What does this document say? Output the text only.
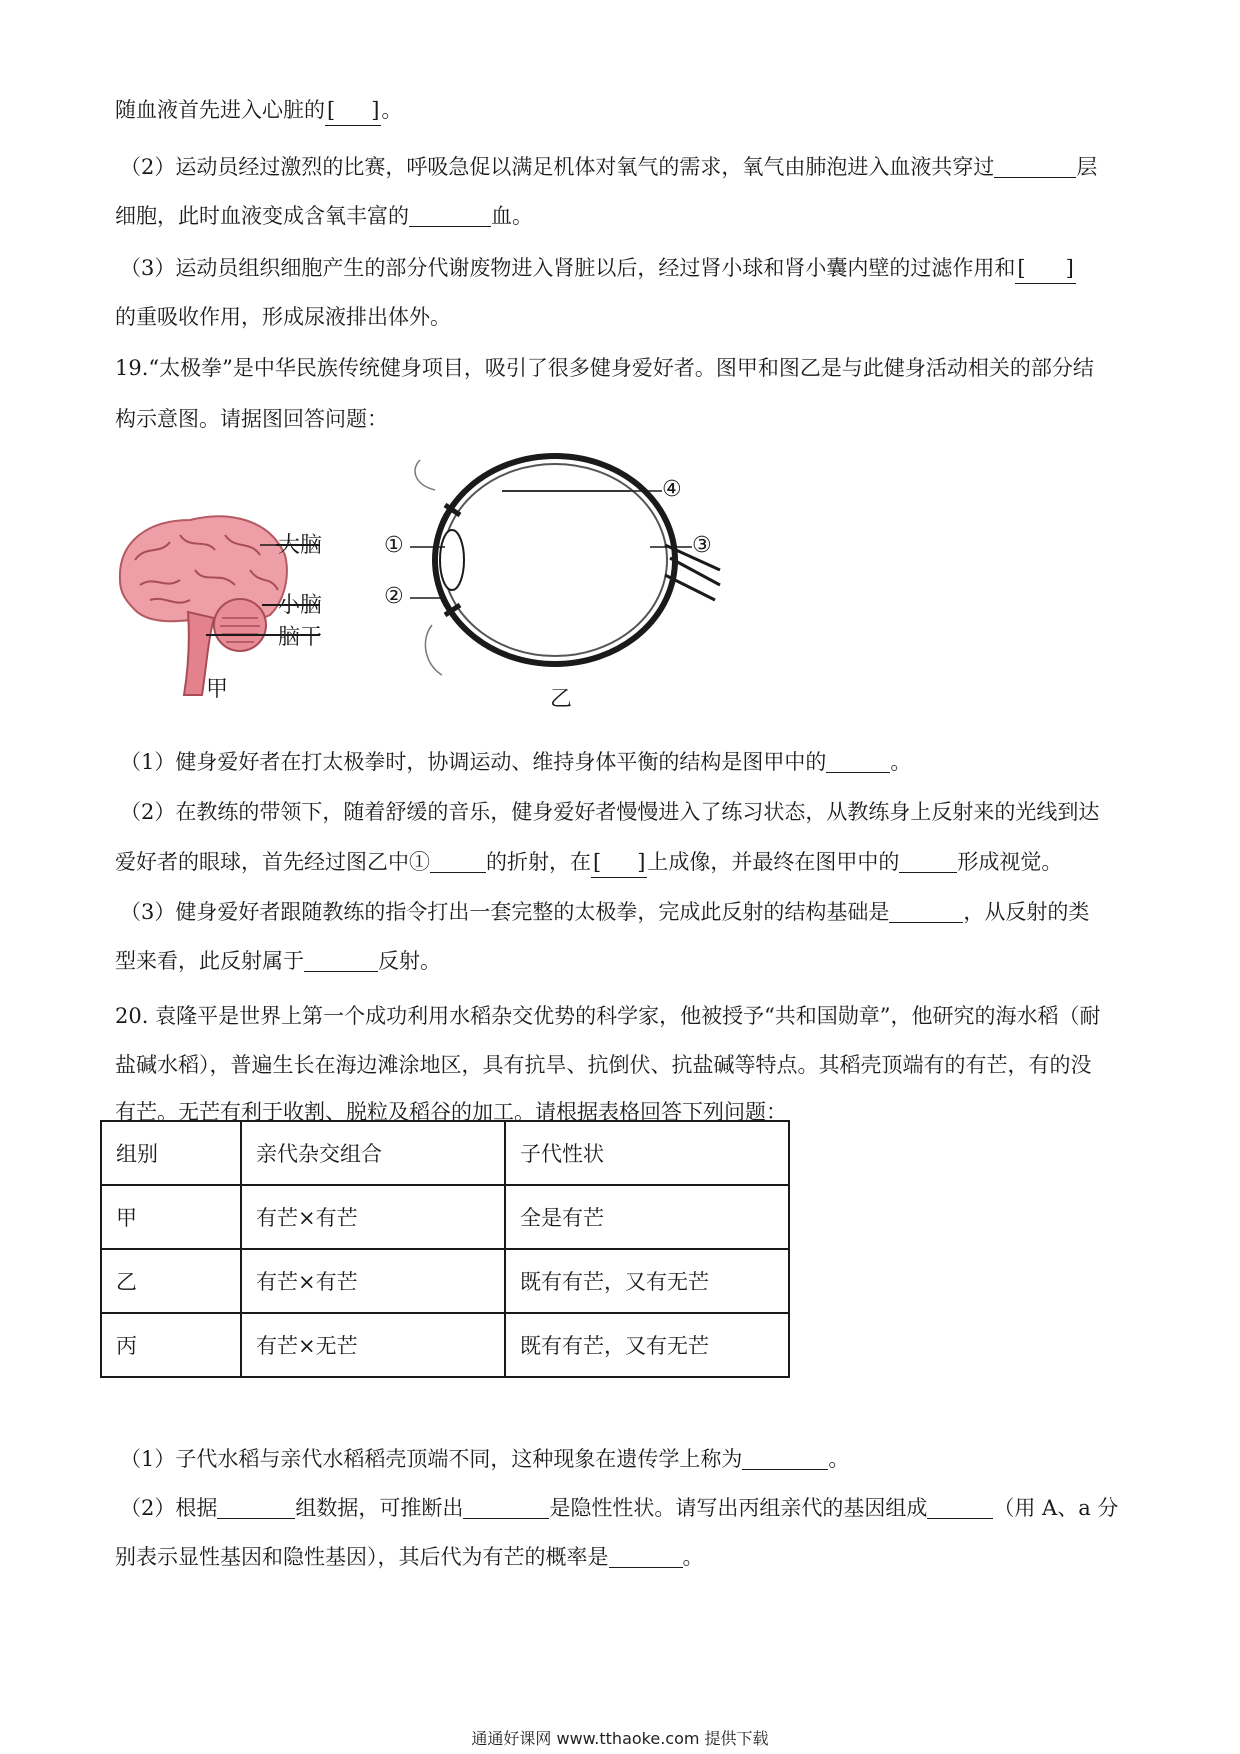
随血液首先进入心脏的[ ]。
（2）运动员经过激烈的比赛，呼吸急促以满足机体对氧气的需求，氧气由肺泡进入血液共穿过	层
细胞，此时血液变成含氧丰富的	血。
（3）运动员组织细胞产生的部分代谢废物进入肾脏以后，经过肾小球和肾小囊内壁的过滤作用和[ ]
的重吸收作用，形成尿液排出体外。
19.“太极拳”是中华民族传统健身项目，吸引了很多健身爱好者。图甲和图乙是与此健身活动相关的部分结
构示意图。请据图回答问题：
大脑
小脑
脑干
甲
④
③
①
②
乙
（1）健身爱好者在打太极拳时，协调运动、维持身体平衡的结构是图甲中的	。
（2）在教练的带领下，随着舒缓的音乐，健身爱好者慢慢进入了练习状态，从教练身上反射来的光线到达
爱好者的眼球，首先经过图乙中①	的折射，在[ ]上成像，并最终在图甲中的	形成视觉。
（3）健身爱好者跟随教练的指令打出一套完整的太极拳，完成此反射的结构基础是	，从反射的类
型来看，此反射属于	反射。
20. 袁隆平是世界上第一个成功利用水稻杂交优势的科学家，他被授予“共和国勋章”，他研究的海水稻（耐
盐碱水稻），普遍生长在海边滩涂地区，具有抗旱、抗倒伏、抗盐碱等特点。其稻壳顶端有的有芒，有的没
有芒。无芒有利于收割、脱粒及稻谷的加工。请根据表格回答下列问题：
组别	亲代杂交组合	子代性状
甲	有芒×有芒	全是有芒
乙	有芒×有芒	既有有芒，又有无芒
丙	有芒×无芒	既有有芒，又有无芒
（1）子代水稻与亲代水稻稻壳顶端不同，这种现象在遗传学上称为	。
（2）根据	组数据，可推断出	是隐性性状。请写出丙组亲代的基因组成	（用 A、a 分
别表示显性基因和隐性基因），其后代为有芒的概率是	。
通通好课网 www.tthaoke.com 提供下载
